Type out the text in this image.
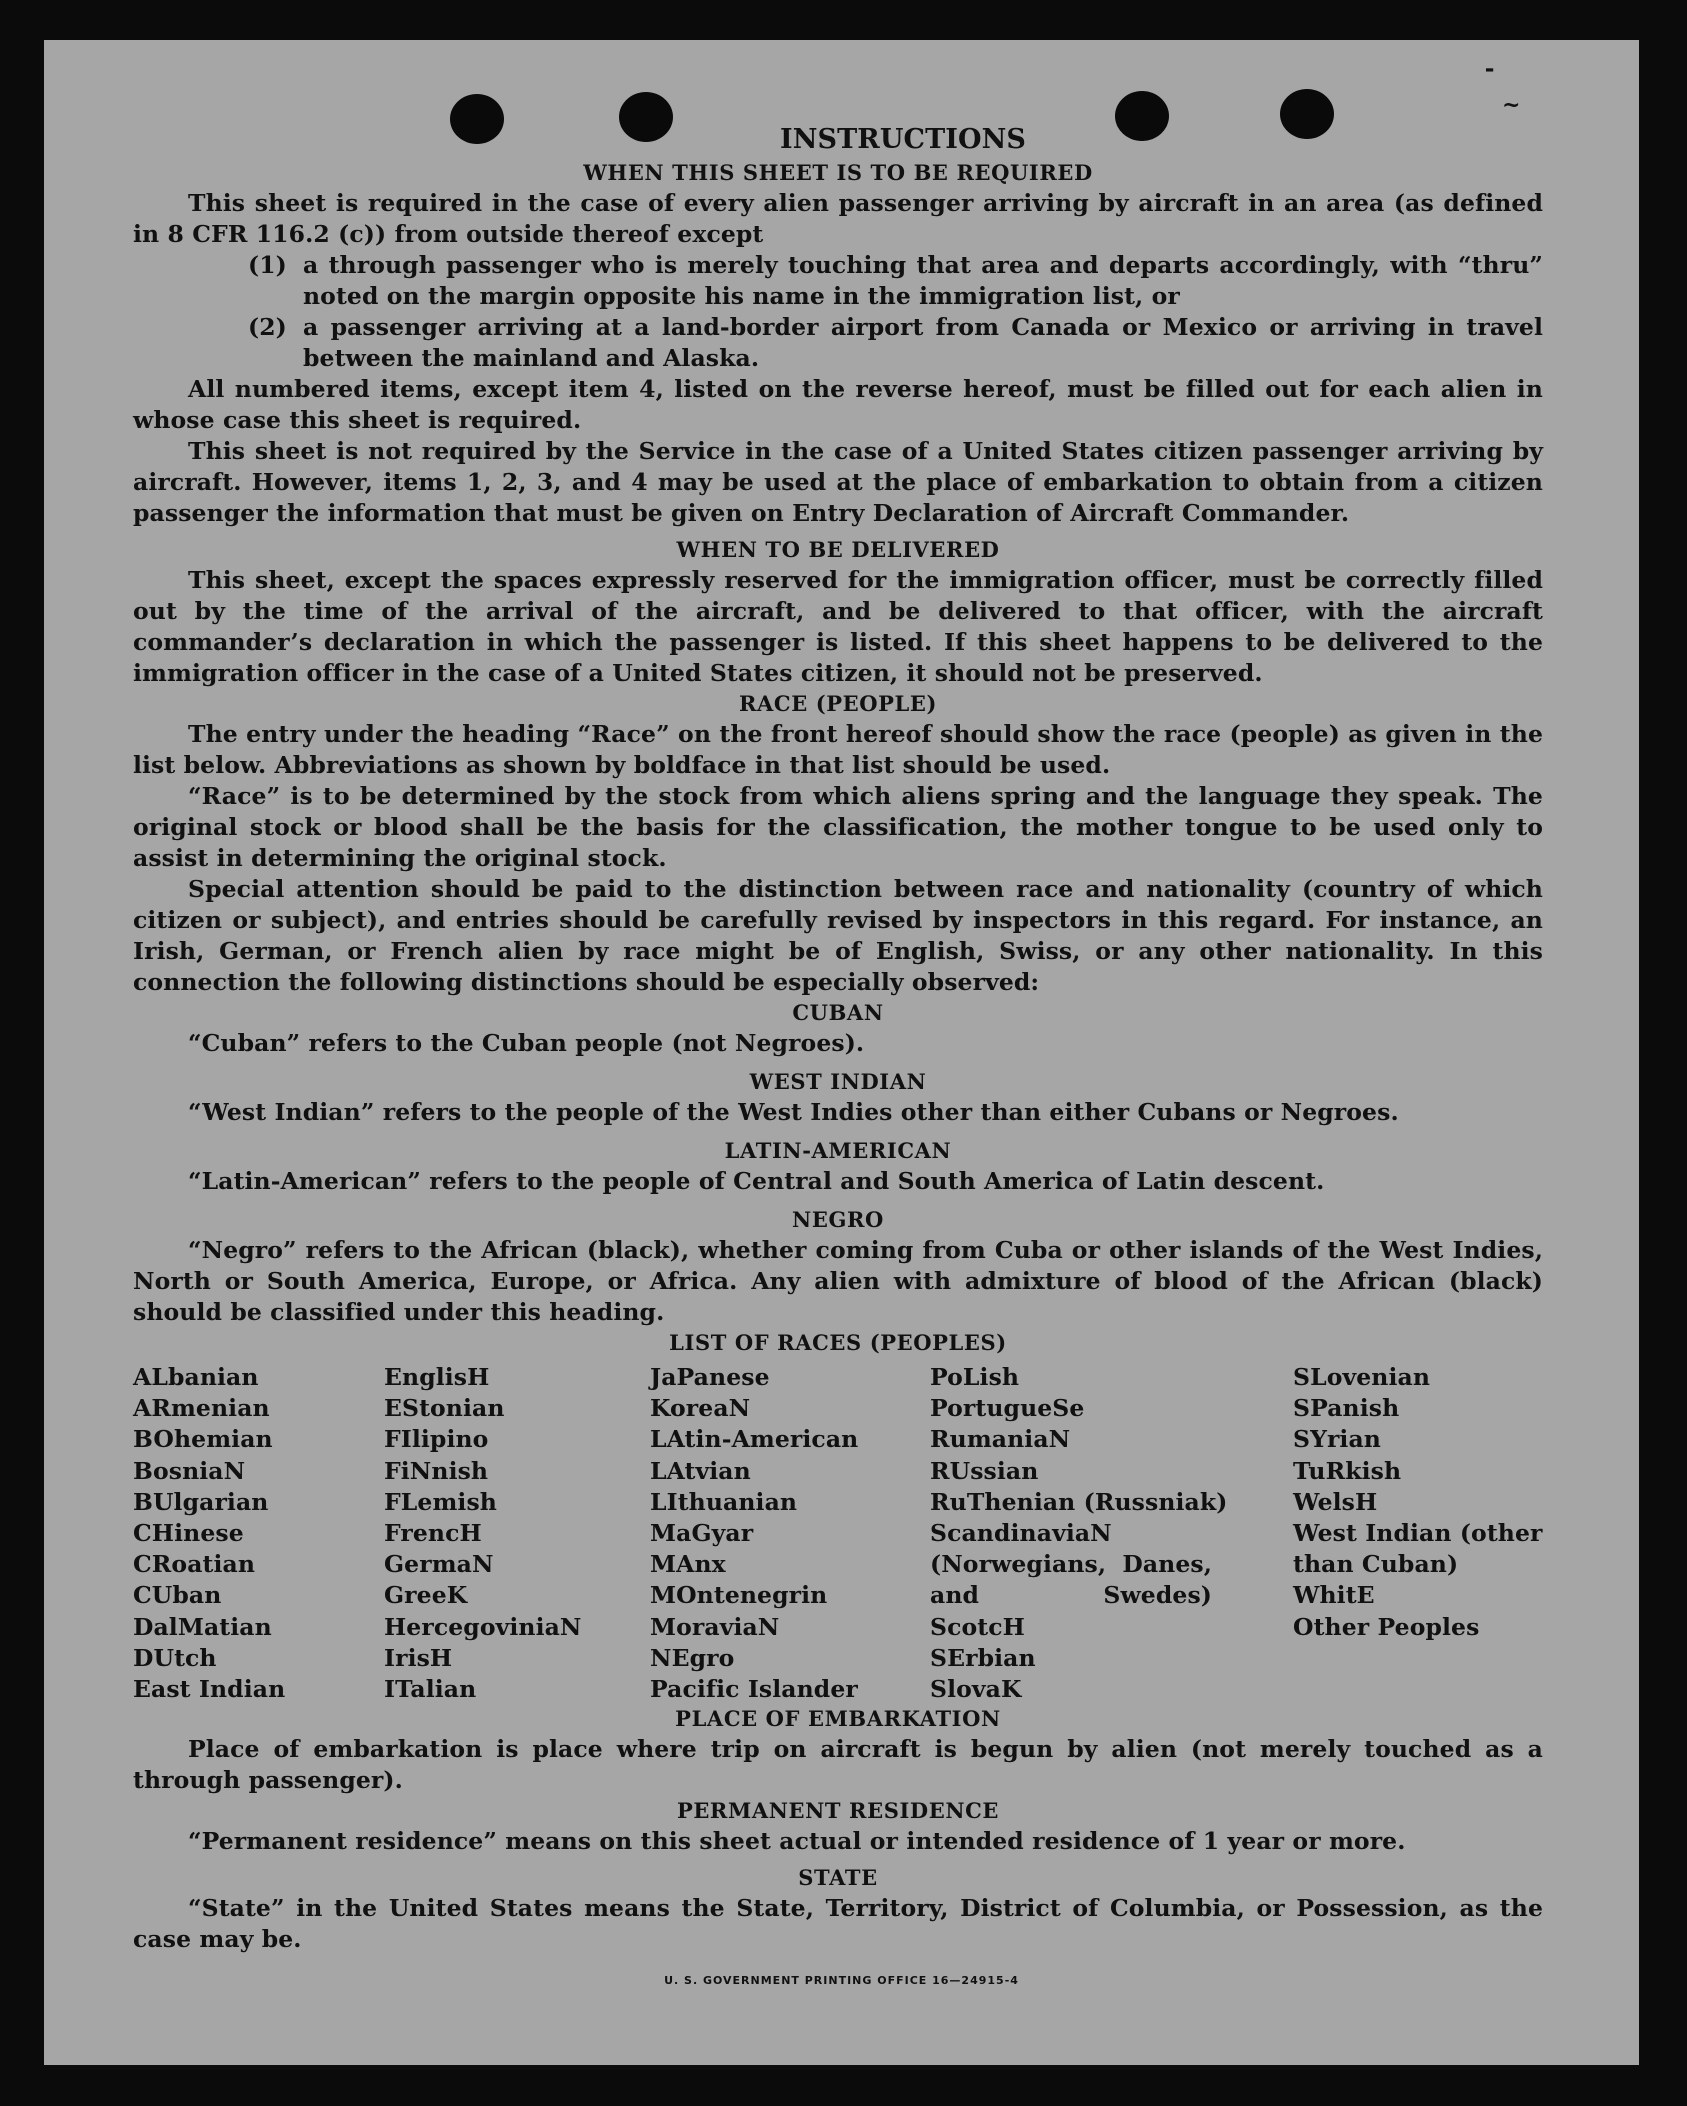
⁃
~

INSTRUCTIONS

WHEN THIS SHEET IS TO BE REQUIRED

This sheet is required in the case of every alien passenger arriving by aircraft in an area (as defined in 8 CFR 116.2 (c)) from outside thereof except

(1) a through passenger who is merely touching that area and departs accordingly, with “thru” noted on the margin opposite his name in the immigration list, or

(2) a passenger arriving at a land-border airport from Canada or Mexico or arriving in travel between the mainland and Alaska.

All numbered items, except item 4, listed on the reverse hereof, must be filled out for each alien in whose case this sheet is required.

This sheet is not required by the Service in the case of a United States citizen passenger arriving by aircraft. However, items 1, 2, 3, and 4 may be used at the place of embarkation to obtain from a citizen passenger the information that must be given on Entry Declaration of Aircraft Commander.

WHEN TO BE DELIVERED

This sheet, except the spaces expressly reserved for the immigration officer, must be correctly filled out by the time of the arrival of the aircraft, and be delivered to that officer, with the aircraft commander’s declaration in which the passenger is listed. If this sheet happens to be delivered to the immigration officer in the case of a United States citizen, it should not be preserved.

RACE (PEOPLE)

The entry under the heading “Race” on the front hereof should show the race (people) as given in the list below. Abbreviations as shown by boldface in that list should be used.

“Race” is to be determined by the stock from which aliens spring and the language they speak. The original stock or blood shall be the basis for the classification, the mother tongue to be used only to assist in determining the original stock.

Special attention should be paid to the distinction between race and nationality (country of which citizen or subject), and entries should be carefully revised by inspectors in this regard. For instance, an Irish, German, or French alien by race might be of English, Swiss, or any other nationality. In this connection the following distinctions should be especially observed:

CUBAN

“Cuban” refers to the Cuban people (not Negroes).

WEST INDIAN

“West Indian” refers to the people of the West Indies other than either Cubans or Negroes.

LATIN-AMERICAN

“Latin-American” refers to the people of Central and South America of Latin descent.

NEGRO

“Negro” refers to the African (black), whether coming from Cuba or other islands of the West Indies, North or South America, Europe, or Africa. Any alien with admixture of blood of the African (black) should be classified under this heading.

LIST OF RACES (PEOPLES)

ALbanian
ARmenian
BOhemian
BosniaN
BUlgarian
CHinese
CRoatian
CUban
DalMatian
DUtch
East Indian
EnglisH
EStonian
FIlipino
FiNnish
FLemish
FrencH
GermaN
GreeK
HercegoviniaN
IrisH
ITalian
JaPanese
KoreaN
LAtin-American
LAtvian
LIthuanian
MaGyar
MAnx
MOntenegrin
MoraviaN
NEgro
Pacific Islander
PoLish
PortugueSe
RumaniaN
RUssian
RuThenian (Russniak)
ScandinaviaN (Norwegians, Danes, and Swedes)
ScotcH
SErbian
SlovaK
SLovenian
SPanish
SYrian
TuRkish
WelsH
West Indian (other than Cuban)
WhitE
Other Peoples

PLACE OF EMBARKATION

Place of embarkation is place where trip on aircraft is begun by alien (not merely touched as a through passenger).

PERMANENT RESIDENCE

“Permanent residence” means on this sheet actual or intended residence of 1 year or more.

STATE

“State” in the United States means the State, Territory, District of Columbia, or Possession, as the case may be.

U. S. GOVERNMENT PRINTING OFFICE 16—24915-4
